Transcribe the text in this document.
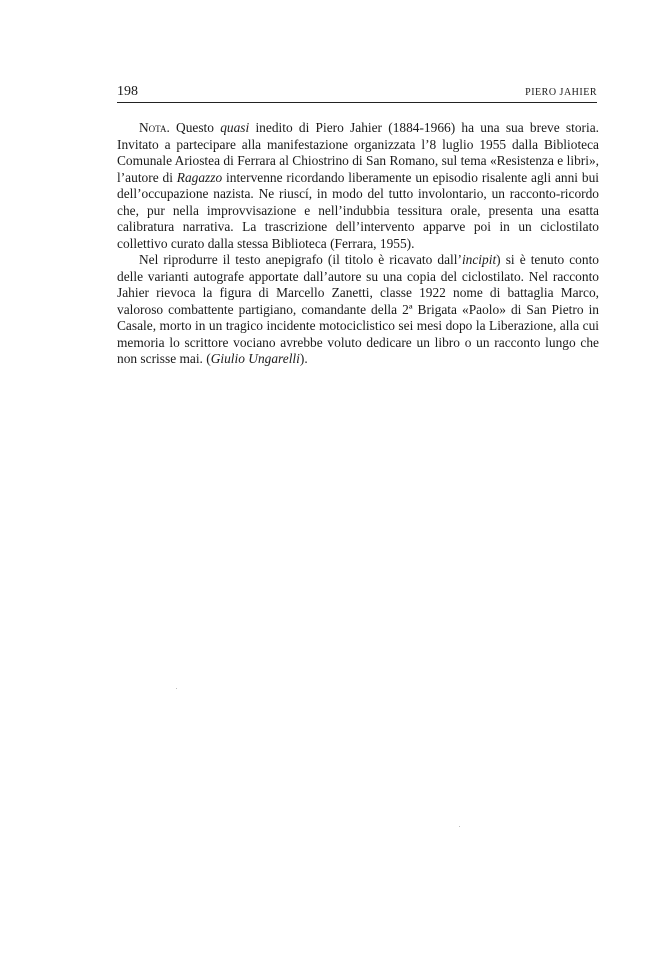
198	PIERO JAHIER

Nota. Questo quasi inedito di Piero Jahier (1884-1966) ha una sua breve storia. Invitato a partecipare alla manifestazione organizzata l’8 luglio 1955 dalla Biblioteca Comunale Ariostea di Ferrara al Chiostrino di San Romano, sul tema «Resistenza e libri», l’autore di Ragazzo intervenne ricordando liberamente un episodio risalente agli anni bui dell’occupazione nazista. Ne riuscí, in modo del tutto involontario, un racconto-ricordo che, pur nella improvvisazione e nell’indubbia tessitura orale, presenta una esatta calibratura narrativa. La trascrizione dell’intervento apparve poi in un ciclostilato collettivo curato dalla stessa Biblioteca (Ferrara, 1955).

Nel riprodurre il testo anepigrafo (il titolo è ricavato dall’incipit) si è tenuto conto delle varianti autografe apportate dall’autore su una copia del ciclostilato. Nel racconto Jahier rievoca la figura di Marcello Zanetti, classe 1922 nome di battaglia Marco, valoroso combattente partigiano, comandante della 2ª Brigata «Paolo» di San Pietro in Casale, morto in un tragico incidente motociclistico sei mesi dopo la Liberazione, alla cui memoria lo scrittore vociano avrebbe voluto dedicare un libro o un racconto lungo che non scrisse mai. (Giulio Ungarelli).
